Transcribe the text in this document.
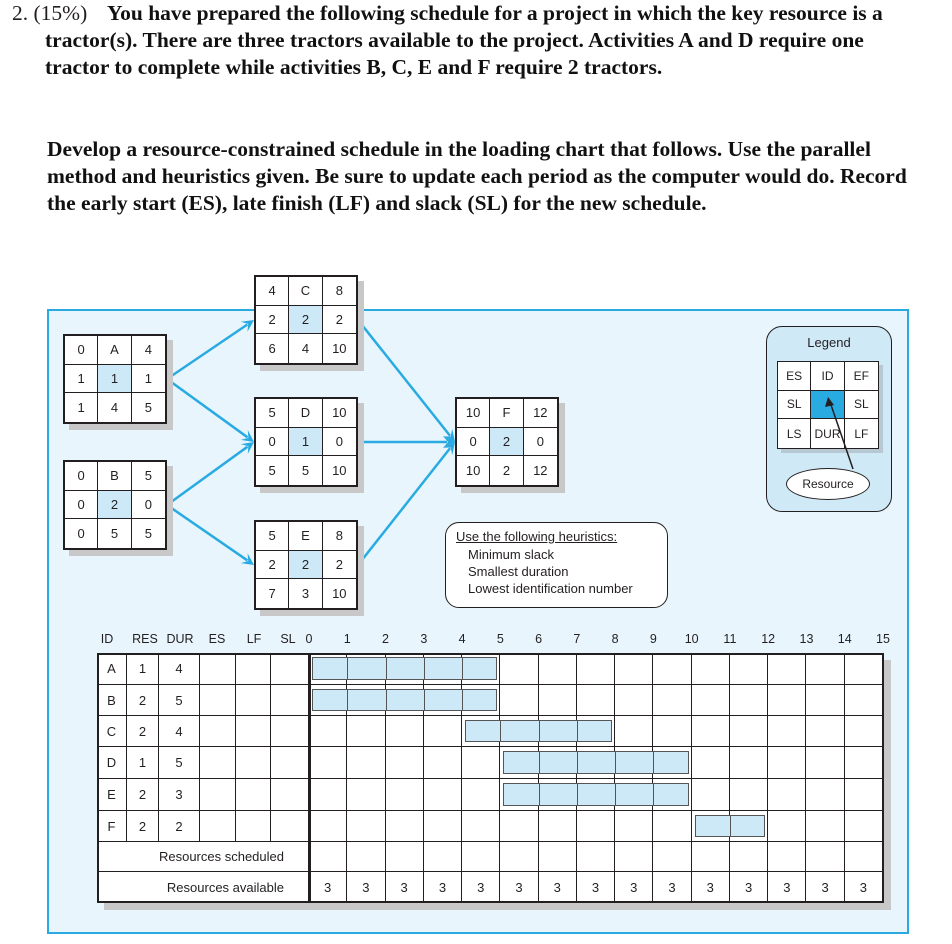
2. (15%) You have prepared the following schedule for a project in which the key resource is a tractor(s). There are three tractors available to the project. Activities A and D require one tractor to complete while activities B, C, E and F require 2 tractors.
Develop a resource-constrained schedule in the loading chart that follows. Use the parallel method and heuristics given. Be sure to update each period as the computer would do. Record the early start (ES), late finish (LF) and slack (SL) for the new schedule.
0	A	4
1	1	1
1	4	5
0	B	5
0	2	0
0	5	5
4	C	8
2	2	2
6	4	10
5	D	10
0	1	0
5	5	10
5	E	8
2	2	2
7	3	10
10	F	12
0	2	0
10	2	12
Legend
ES	ID	EF
SL	SL
LS	DUR	LF
Resource
Use the following heuristics:
Minimum slack
Smallest duration
Lowest identification number
ID	RES DUR	ES	LF	SL 0	1	2	3	4	5	6	7	8	9	10	11	12	13	14	15
A	1	4
B	2	5
C	2	4
D	1	5
E	2	3
F	2	2
Resources scheduled
Resources available	3	3	3	3	3	3	3	3	3	3	3	3	3	3	3
